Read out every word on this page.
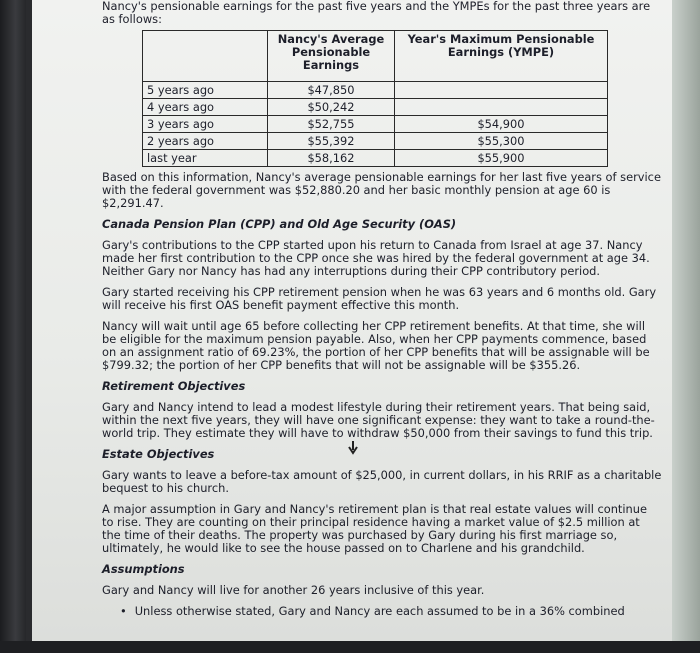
Nancy's pensionable earnings for the past five years and the YMPEs for the past three years are as follows:

	Nancy's Average Pensionable Earnings	Year's Maximum Pensionable Earnings (YMPE)
5 years ago	$47,850	
4 years ago	$50,242	
3 years ago	$52,755	$54,900
2 years ago	$55,392	$55,300
last year	$58,162	$55,900

Based on this information, Nancy's average pensionable earnings for her last five years of service with the federal government was $52,880.20 and her basic monthly pension at age 60 is $2,291.47.

Canada Pension Plan (CPP) and Old Age Security (OAS)

Gary's contributions to the CPP started upon his return to Canada from Israel at age 37. Nancy made her first contribution to the CPP once she was hired by the federal government at age 34. Neither Gary nor Nancy has had any interruptions during their CPP contributory period.

Gary started receiving his CPP retirement pension when he was 63 years and 6 months old. Gary will receive his first OAS benefit payment effective this month.

Nancy will wait until age 65 before collecting her CPP retirement benefits. At that time, she will be eligible for the maximum pension payable. Also, when her CPP payments commence, based on an assignment ratio of 69.23%, the portion of her CPP benefits that will be assignable will be $799.32; the portion of her CPP benefits that will not be assignable will be $355.26.

Retirement Objectives

Gary and Nancy intend to lead a modest lifestyle during their retirement years. That being said, within the next five years, they will have one significant expense: they want to take a round-the-world trip. They estimate they will have to withdraw $50,000 from their savings to fund this trip.

Estate Objectives

Gary wants to leave a before-tax amount of $25,000, in current dollars, in his RRIF as a charitable bequest to his church.

A major assumption in Gary and Nancy's retirement plan is that real estate values will continue to rise. They are counting on their principal residence having a market value of $2.5 million at the time of their deaths. The property was purchased by Gary during his first marriage so, ultimately, he would like to see the house passed on to Charlene and his grandchild.

Assumptions

Gary and Nancy will live for another 26 years inclusive of this year.

• Unless otherwise stated, Gary and Nancy are each assumed to be in a 36% combined
